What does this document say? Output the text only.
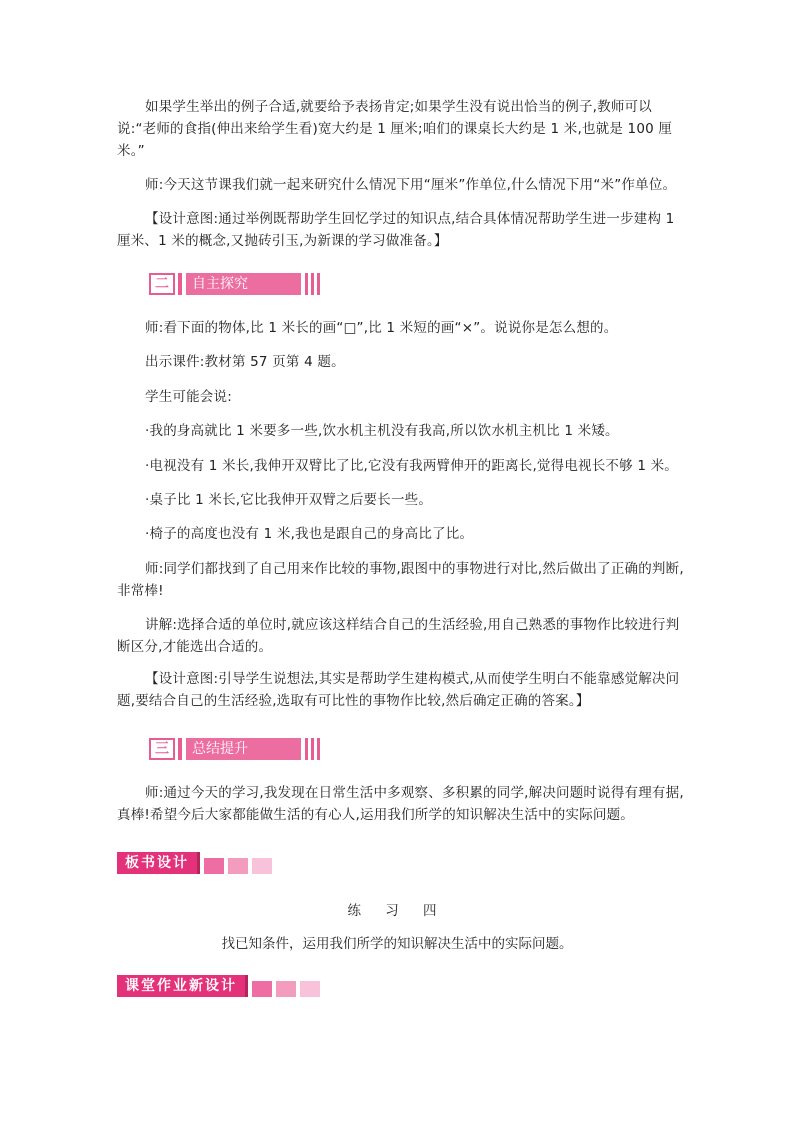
如果学生举出的例子合适,就要给予表扬肯定;如果学生没有说出恰当的例子,教师可以说:“老师的食指(伸出来给学生看)宽大约是 1 厘米;咱们的课桌长大约是 1 米,也就是 100 厘米。”

师:今天这节课我们就一起来研究什么情况下用“厘米”作单位,什么情况下用“米”作单位。

【设计意图:通过举例既帮助学生回忆学过的知识点,结合具体情况帮助学生进一步建构 1 厘米、1 米的概念,又抛砖引玉,为新课的学习做准备。】

二	自主探究

师:看下面的物体,比 1 米长的画“□”,比 1 米短的画“×”。说说你是怎么想的。

出示课件:教材第 57 页第 4 题。

学生可能会说:

·我的身高就比 1 米要多一些,饮水机主机没有我高,所以饮水机主机比 1 米矮。

·电视没有 1 米长,我伸开双臂比了比,它没有我两臂伸开的距离长,觉得电视长不够 1 米。

·桌子比 1 米长,它比我伸开双臂之后要长一些。

·椅子的高度也没有 1 米,我也是跟自己的身高比了比。

师:同学们都找到了自己用来作比较的事物,跟图中的事物进行对比,然后做出了正确的判断,非常棒!

讲解:选择合适的单位时,就应该这样结合自己的生活经验,用自己熟悉的事物作比较进行判断区分,才能选出合适的。

【设计意图:引导学生说想法,其实是帮助学生建构模式,从而使学生明白不能靠感觉解决问题,要结合自己的生活经验,选取有可比性的事物作比较,然后确定正确的答案。】

三	总结提升

师:通过今天的学习,我发现在日常生活中多观察、多积累的同学,解决问题时说得有理有据,真棒!希望今后大家都能做生活的有心人,运用我们所学的知识解决生活中的实际问题。

板书设计
练 习 四
找已知条件，运用我们所学的知识解决生活中的实际问题。
课堂作业新设计
